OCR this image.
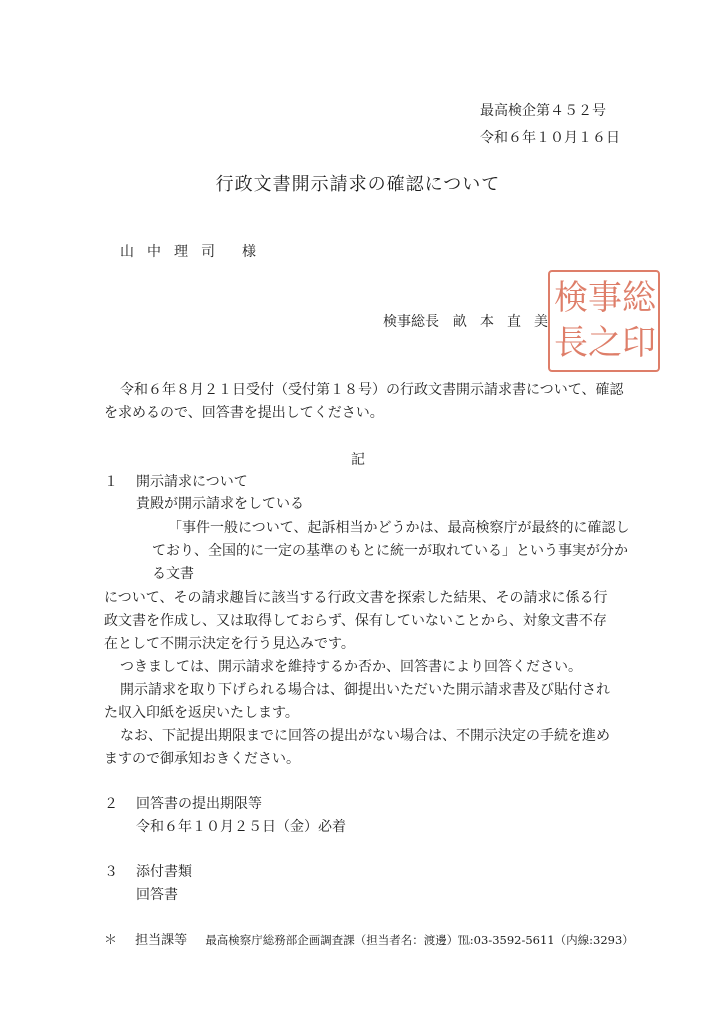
最高検企第４５２号
令和６年１０月１６日
行政文書開示請求の確認について
山中理司 様
検事総長 畝本直美
検 事 総
長 之 印
令和６年８月２１日受付（受付第１８号）の行政文書開示請求書について、確認
を求めるので、回答書を提出してください。
記
１ 開示請求について
貴殿が開示請求をしている
「事件一般について、起訴相当かどうかは、最高検察庁が最終的に確認し
ており、全国的に一定の基準のもとに統一が取れている」という事実が分か
る文書
について、その請求趣旨に該当する行政文書を探索した結果、その請求に係る行
政文書を作成し、又は取得しておらず、保有していないことから、対象文書不存
在として不開示決定を行う見込みです。
つきましては、開示請求を維持するか否か、回答書により回答ください。
開示請求を取り下げられる場合は、御提出いただいた開示請求書及び貼付され
た収入印紙を返戻いたします。
なお、下記提出期限までに回答の提出がない場合は、不開示決定の手続を進め
ますので御承知おきください。
２ 回答書の提出期限等
令和６年１０月２５日（金）必着
３ 添付書類
回答書
＊ 担当課等 最高検察庁総務部企画調査課（担当者名：渡邊）℡:03-3592-5611（内線:3293）
